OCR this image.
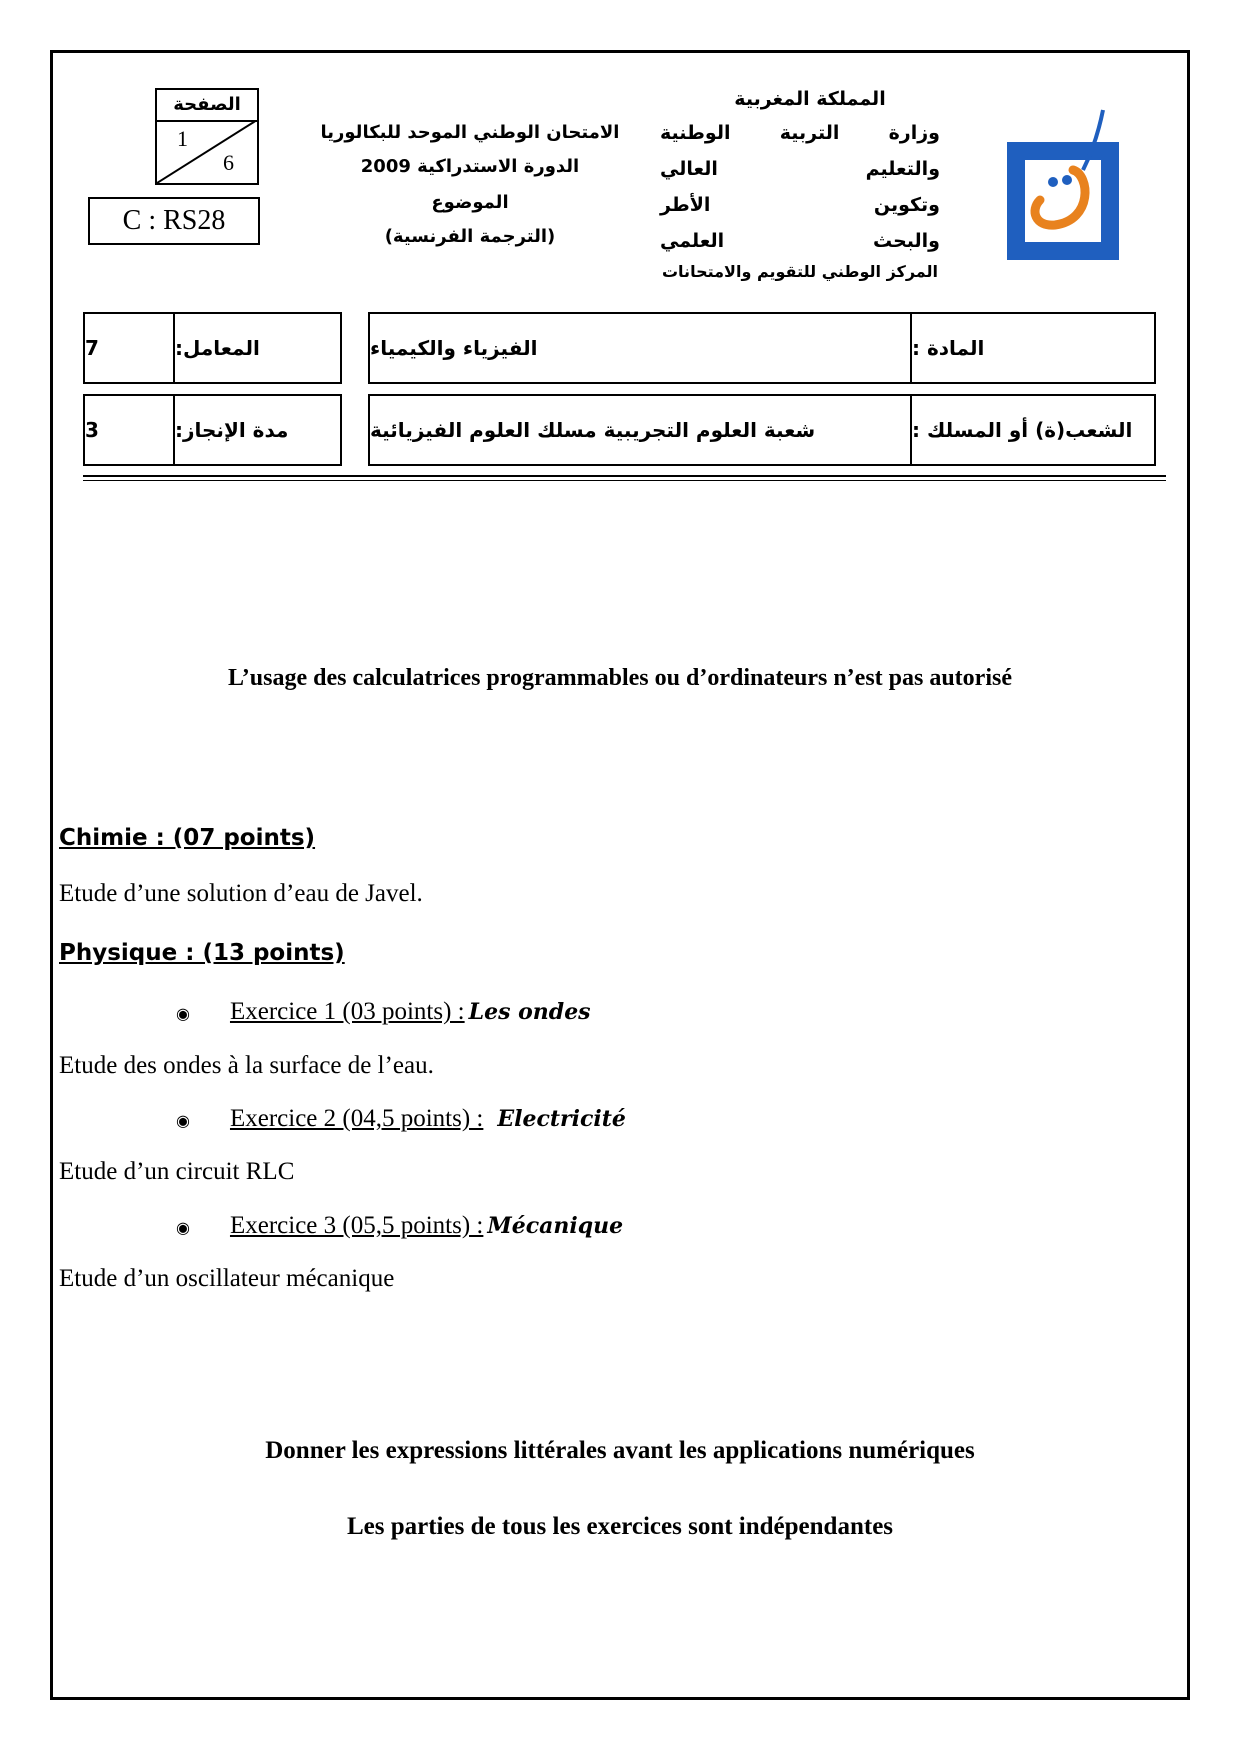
المملكة المغربية
وزارة التربية الوطنية
والتعليم العالي
وتكوين الأطر
والبحث العلمي
المركز الوطني للتقويم والامتحانات
الامتحان الوطني الموحد للبكالوريا
الدورة الاستدراكية 2009
الموضوع
(الترجمة الفرنسية)
الصفحة
1
6
C : RS28
7	المعامل:	الفيزياء والكيمياء	المادة :
3	مدة الإنجاز:	شعبة العلوم التجريبية مسلك العلوم الفيزيائية	الشعب(ة) أو المسلك :
L’usage des calculatrices programmables ou d’ordinateurs n’est pas autorisé
Chimie : (07 points)
Etude d’une solution d’eau de Javel.
Physique : (13 points)
◉ Exercice 1 (03 points) : Les ondes
Etude des ondes à la surface de l’eau.
◉ Exercice 2 (04,5 points) : Electricité
Etude d’un circuit RLC
◉ Exercice 3 (05,5 points) : Mécanique
Etude d’un oscillateur mécanique
Donner les expressions littérales avant les applications numériques
Les parties de tous les exercices sont indépendantes
